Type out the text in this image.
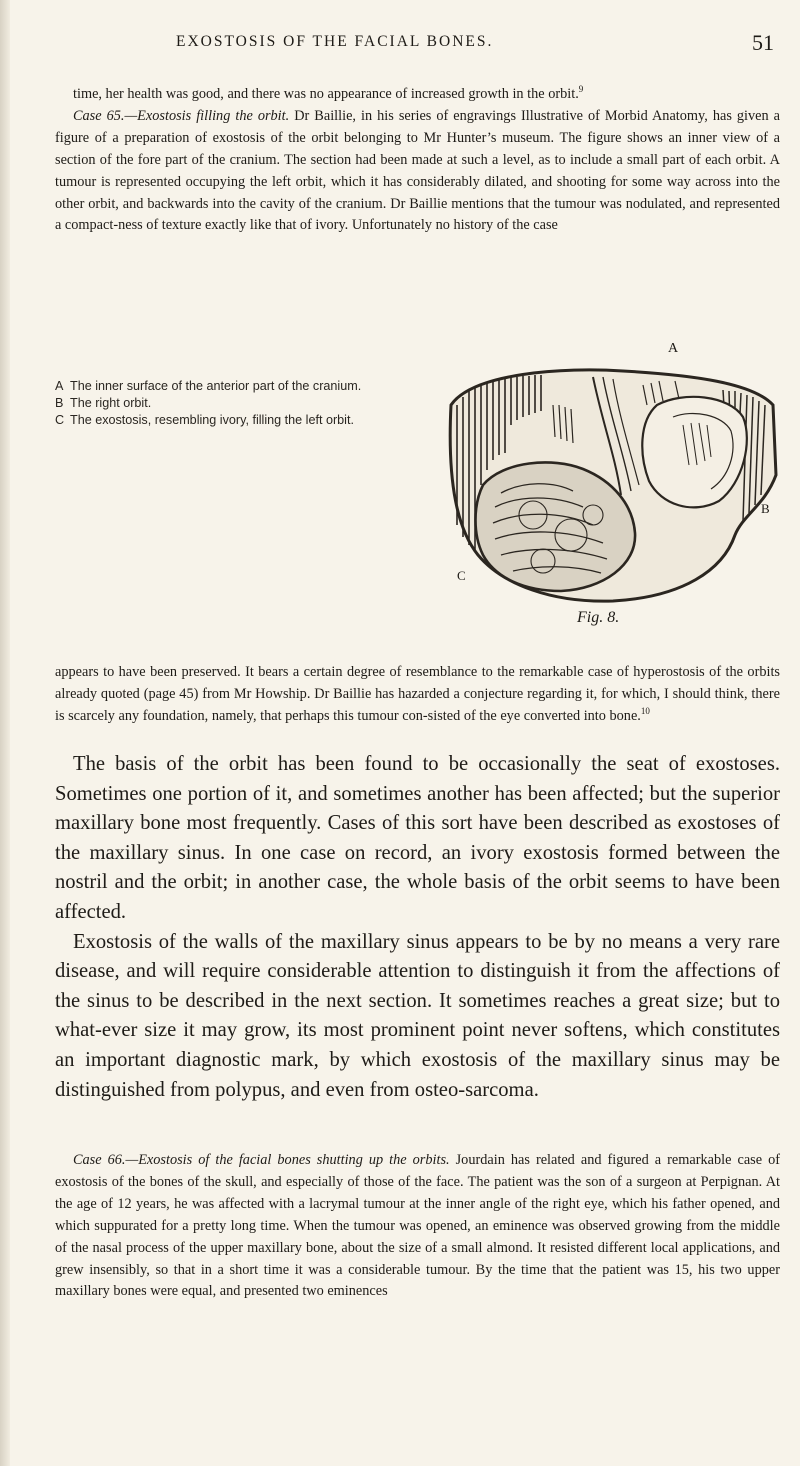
EXOSTOSIS OF THE FACIAL BONES.	51

time, her health was good, and there was no appearance of increased growth in the orbit.$^9$

Case 65.—Exostosis filling the orbit. Dr Baillie, in his series of engravings Illustrative of Morbid Anatomy, has given a figure of a preparation of exostosis of the orbit belonging to Mr Hunter’s museum. The figure shows an inner view of a section of the fore part of the cranium. The section had been made at such a level, as to include a small part of each orbit. A tumour is represented occupying the left orbit, which it has considerably dilated, and shooting for some way across into the other orbit, and backwards into the cavity of the cranium. Dr Baillie mentions that the tumour was nodulated, and represented a compact-ness of texture exactly like that of ivory. Unfortunately no history of the case

A The inner surface of the anterior part of the cranium.
B The right orbit.
C The exostosis, resembling ivory, filling the left orbit.
A
B
C
Fig. 8.

appears to have been preserved. It bears a certain degree of resemblance to the remarkable case of hyperostosis of the orbits already quoted (page 45) from Mr Howship. Dr Baillie has hazarded a conjecture regarding it, for which, I should think, there is scarcely any foundation, namely, that perhaps this tumour con-sisted of the eye converted into bone.$^{10}$

The basis of the orbit has been found to be occasionally the seat of exostoses. Sometimes one portion of it, and sometimes another has been affected; but the superior maxillary bone most frequently. Cases of this sort have been described as exostoses of the maxillary sinus. In one case on record, an ivory exostosis formed between the nostril and the orbit; in another case, the whole basis of the orbit seems to have been affected.

Exostosis of the walls of the maxillary sinus appears to be by no means a very rare disease, and will require considerable attention to distinguish it from the affections of the sinus to be described in the next section. It sometimes reaches a great size; but to what-ever size it may grow, its most prominent point never softens, which constitutes an important diagnostic mark, by which exostosis of the maxillary sinus may be distinguished from polypus, and even from osteo-sarcoma.

Case 66.—Exostosis of the facial bones shutting up the orbits. Jourdain has related and figured a remarkable case of exostosis of the bones of the skull, and especially of those of the face. The patient was the son of a surgeon at Perpignan. At the age of 12 years, he was affected with a lacrymal tumour at the inner angle of the right eye, which his father opened, and which suppurated for a pretty long time. When the tumour was opened, an eminence was observed growing from the middle of the nasal process of the upper maxillary bone, about the size of a small almond. It resisted different local applications, and grew insensibly, so that in a short time it was a considerable tumour. By the time that the patient was 15, his two upper maxillary bones were equal, and presented two eminences
